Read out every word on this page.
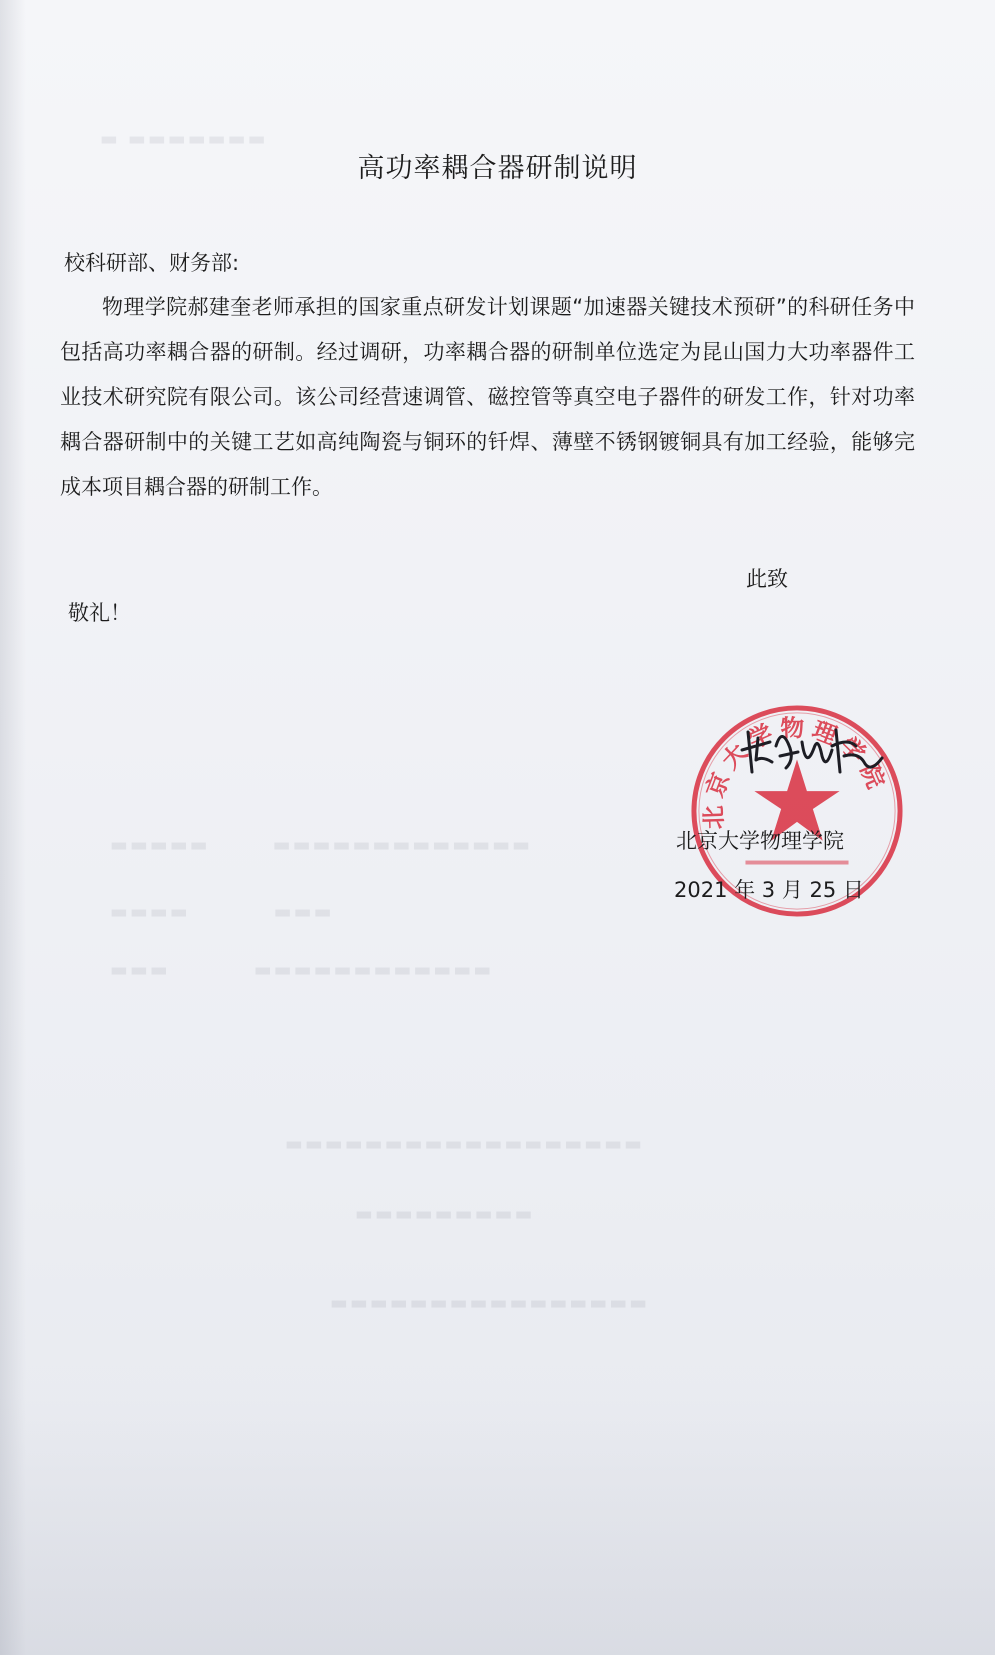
▬ ▬▬▬▬▬▬▬
▬▬▬▬▬　　　▬▬▬▬▬▬▬▬▬▬▬▬▬
▬▬▬▬　　　　▬▬▬
▬▬▬　　　　▬▬▬▬▬▬▬▬▬▬▬▬
▬▬▬▬▬▬▬▬▬▬▬▬▬▬▬▬▬▬
▬▬▬▬▬▬▬▬▬
▬▬▬▬▬▬▬▬▬▬▬▬▬▬▬▬
高功率耦合器研制说明
校科研部、财务部:

物理学院郝建奎老师承担的国家重点研发计划课题“加速器关键技术预研”的科研任务中包括高功率耦合器的研制。经过调研，功率耦合器的研制单位选定为昆山国力大功率器件工业技术研究院有限公司。该公司经营速调管、磁控管等真空电子器件的研发工作，针对功率耦合器研制中的关键工艺如高纯陶瓷与铜环的钎焊、薄壁不锈钢镀铜具有加工经验，能够完成本项目耦合器的研制工作。

此致
敬礼！
北京大学物理学院
北京大学物理学院
2021 年 3 月 25 日
